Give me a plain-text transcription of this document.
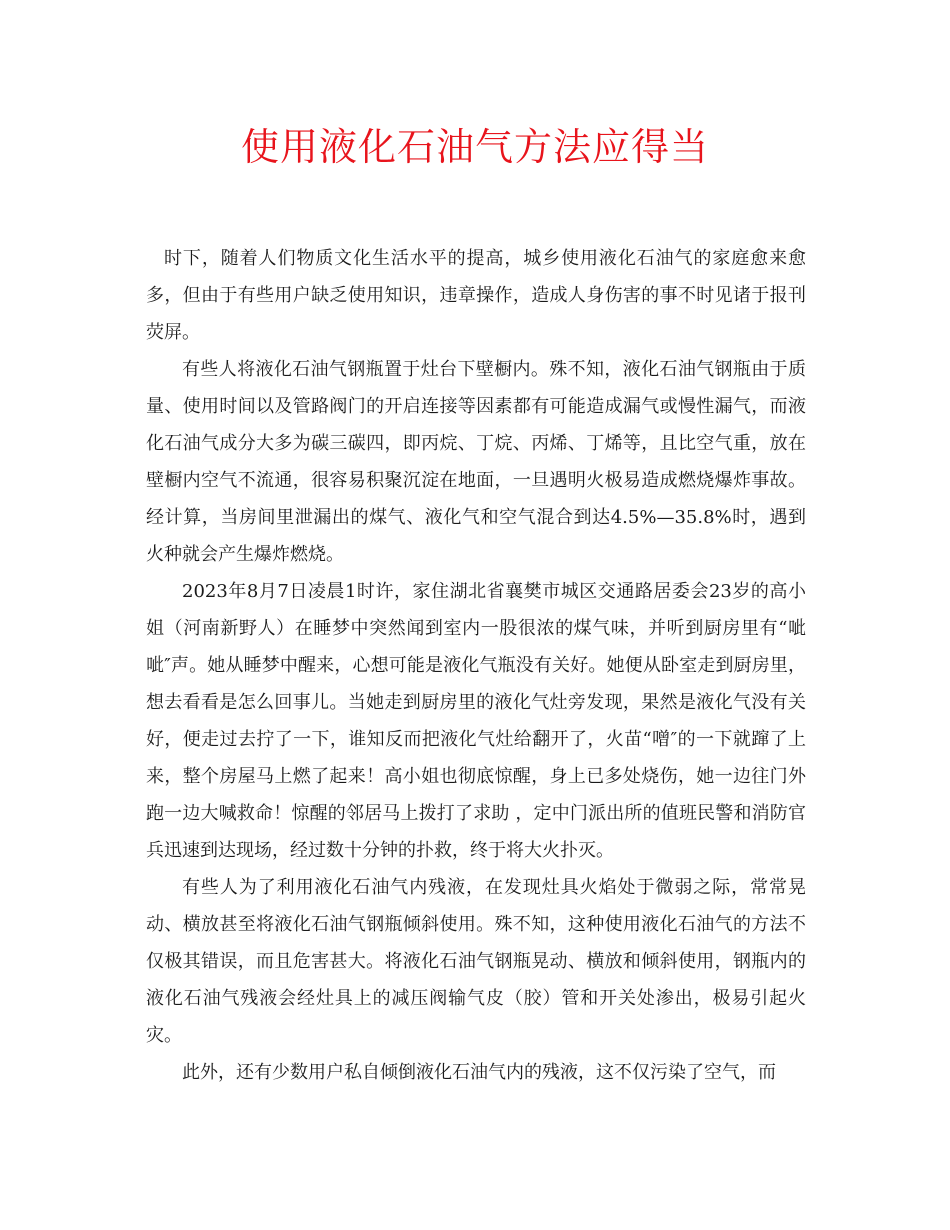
使用液化石油气方法应得当

时下，随着人们物质文化生活水平的提高，城乡使用液化石油气的家庭愈来愈多，但由于有些用户缺乏使用知识，违章操作，造成人身伤害的事不时见诸于报刊荧屏。

有些人将液化石油气钢瓶置于灶台下壁橱内。殊不知，液化石油气钢瓶由于质量、使用时间以及管路阀门的开启连接等因素都有可能造成漏气或慢性漏气，而液化石油气成分大多为碳三碳四，即丙烷、丁烷、丙烯、丁烯等，且比空气重，放在壁橱内空气不流通，很容易积聚沉淀在地面，一旦遇明火极易造成燃烧爆炸事故。经计算，当房间里泄漏出的煤气、液化气和空气混合到达4.5%—35.8%时，遇到火种就会产生爆炸燃烧。

2023年8月7日凌晨1时许，家住湖北省襄樊市城区交通路居委会23岁的高小姐（河南新野人）在睡梦中突然闻到室内一股很浓的煤气味，并听到厨房里有“呲呲″声。她从睡梦中醒来，心想可能是液化气瓶没有关好。她便从卧室走到厨房里，想去看看是怎么回事儿。当她走到厨房里的液化气灶旁发现，果然是液化气没有关好，便走过去拧了一下，谁知反而把液化气灶给翻开了，火苗“噌″的一下就蹿了上来，整个房屋马上燃了起来！高小姐也彻底惊醒，身上已多处烧伤，她一边往门外跑一边大喊救命！惊醒的邻居马上拨打了求助 ，定中门派出所的值班民警和消防官兵迅速到达现场，经过数十分钟的扑救，终于将大火扑灭。

有些人为了利用液化石油气内残液，在发现灶具火焰处于微弱之际，常常晃动、横放甚至将液化石油气钢瓶倾斜使用。殊不知，这种使用液化石油气的方法不仅极其错误，而且危害甚大。将液化石油气钢瓶晃动、横放和倾斜使用，钢瓶内的液化石油气残液会经灶具上的减压阀输气皮（胶）管和开关处渗出，极易引起火灾。

此外，还有少数用户私自倾倒液化石油气内的残液，这不仅污染了空气，而
